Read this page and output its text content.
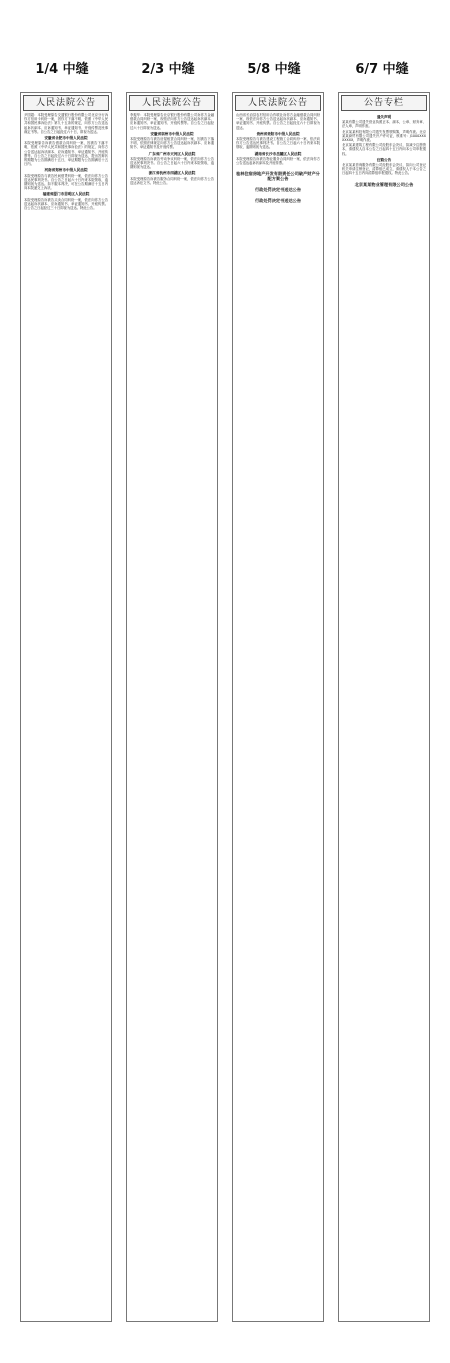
1/4 中缝	2/3 中缝	5/8 中缝	6/7 中缝
人民法院公告
尹国超：本院受理原告交通银行股份有限公司北京分行诉你方信用卡纠纷一案，因你方下落不明，依照《中华人民共和国民事诉讼法》第九十五条的规定，向你方公告送达起诉状副本、应诉通知书、举证通知书、开庭传票及民事裁定书等。自公告之日起经过六十日，即视为送达。
安徽省合肥市中级人民法院
本院受理原告诉被告借款合同纠纷一案，因被告下落不明，依照《中华人民共和国民事诉讼法》的规定，向你方公告送达起诉状副本、应诉通知书、举证通知书、开庭传票等。自公告之日起经过六十日即视为送达，提出答辩状的期限为公告期满后十五日，举证期限为公告期满后十五日内。
河南省郑州市中级人民法院
本院受理原告与被告民间借贷纠纷一案，依法向你方公告送达民事判决书。自公告之日起六十日内来本院领取，逾期则视为送达。如不服本判决，可在公告期满后十五日内向本院递交上诉状。
福建省厦门市思明区人民法院
本院受理原告诉被告买卖合同纠纷一案，依法向你方公告送达起诉状副本、应诉通知书、举证通知书、开庭传票。自公告之日起经过三十日即视为送达。特此公告。
人民法院公告
李振华：本院受理原告北京银行股份有限公司诉你方金融借款合同纠纷一案，现依法向你方公告送达起诉状副本、应诉通知书、举证通知书、开庭传票等。自公告之日起经过六十日即视为送达。
安徽省宿州市中级人民法院
本院受理原告与被告房屋租赁合同纠纷一案，因被告下落不明，依照法律规定向你方公告送达起诉状副本、应诉通知书、举证通知书及开庭传票。
广东省广州市天河区人民法院
本院受理原告诉被告劳动争议纠纷一案，依法向你方公告送达民事判决书。自公告之日起六十日内来本院领取，逾期则视为送达。
浙江省杭州市西湖区人民法院
本院受理原告诉被告服务合同纠纷一案，依法向你方公告送达诉讼文书。特此公告。
人民法院公告
山西省长治县农村信用合作联社诉你方金融借款合同纠纷一案，现依法向你方公告送达起诉状副本、应诉通知书、举证通知书、开庭传票。自公告之日起经过六十日即视为送达。
贵州省贵阳市中级人民法院
本院受理原告与被告建设工程施工合同纠纷一案，依法向你方公告送达民事判决书。自公告之日起六十日内来本院领取，逾期则视为送达。
湖南省长沙市岳麓区人民法院
本院受理原告诉被告物业服务合同纠纷一案，依法向你方公告送达起诉状副本及开庭传票。
桂林住宿房地产开发有限责任公司破产财产分配方案公告
行政处罚决定书送达公告
行政处罚决定书送达公告
公告专栏
遗失声明
某某有限公司遗失营业执照正本、副本，公章、财务章、法人章，声明作废。
北京某某科技有限公司遗失发票领购簿，声明作废。北京某某商贸有限公司遗失开户许可证，核准号：J1000XXXXXXXX，声明作废。
北京某某建筑工程有限公司经股东会决议，拟减少注册资本，请债权人自本公告之日起四十五日内向本公司申报债权。
注销公告
北京某某咨询服务有限公司经股东会决议，拟向公司登记机关申请注销登记，清算组已成立，请债权人于本公告之日起四十五日内向清算组申报债权。特此公告。
北京某某物业管理有限公司公告
